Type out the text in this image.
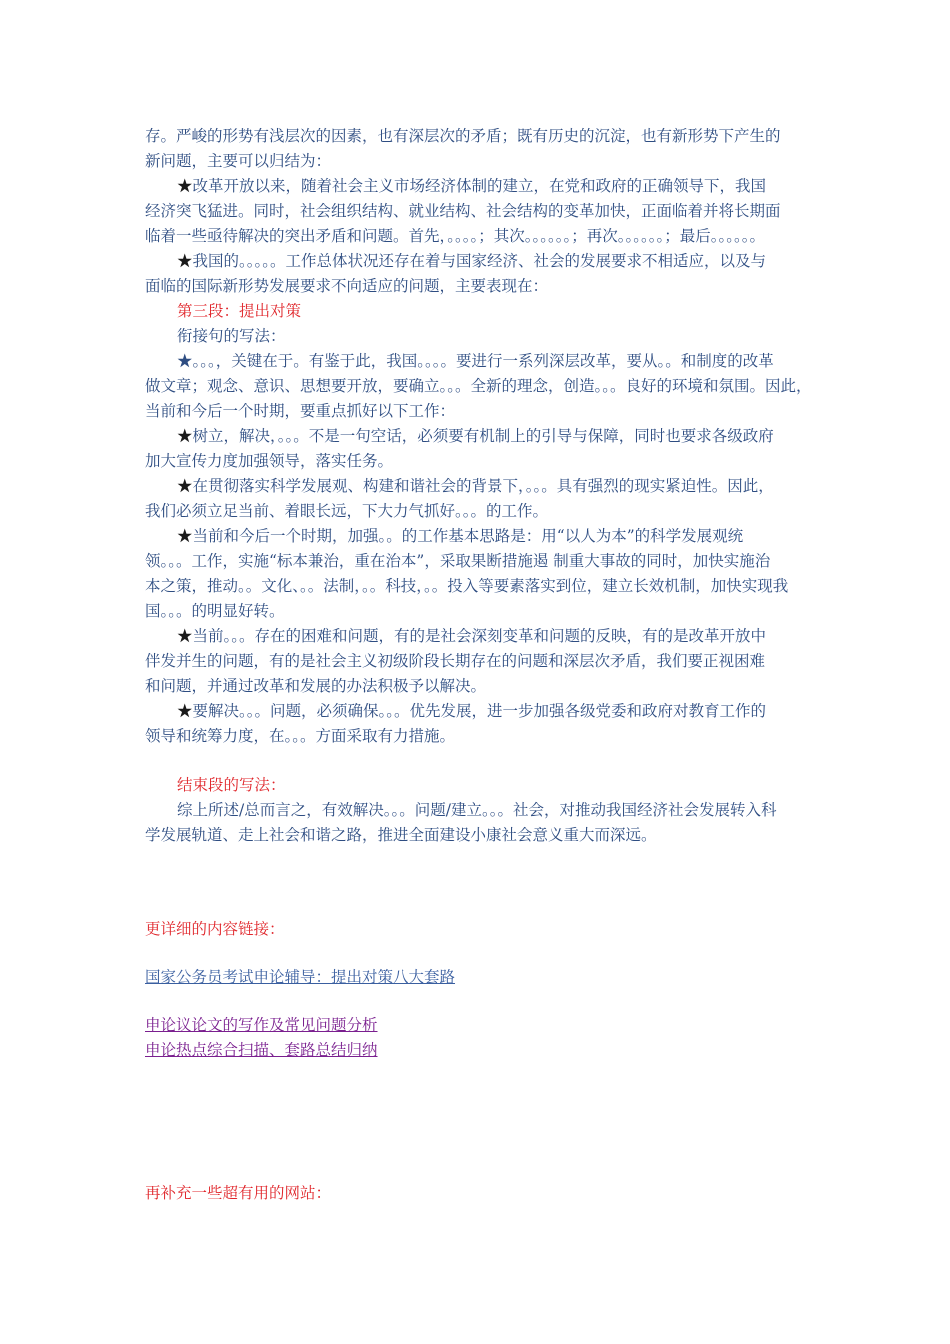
存。严峻的形势有浅层次的因素，也有深层次的矛盾；既有历史的沉淀，也有新形势下产生的
新问题，主要可以归结为：
★改革开放以来，随着社会主义市场经济体制的建立，在党和政府的正确领导下，我国
经济突飞猛进。同时，社会组织结构、就业结构、社会结构的变革加快，正面临着并将长期面
临着一些亟待解决的突出矛盾和问题。首先，。。。。；其次。。。。。。；再次。。。。。。；最后。。。。。。
★我国的。。。。。工作总体状况还存在着与国家经济、社会的发展要求不相适应，以及与
面临的国际新形势发展要求不向适应的问题，主要表现在：
第三段：提出对策
衔接句的写法：
★。。。，关键在于。有鉴于此，我国。。。。要进行一系列深层改革，要从。。和制度的改革
做文章；观念、意识、思想要开放，要确立。。。全新的理念，创造。。。良好的环境和氛围。因此，
当前和今后一个时期，要重点抓好以下工作：
★树立，解决，。。。不是一句空话，必须要有机制上的引导与保障，同时也要求各级政府
加大宣传力度加强领导，落实任务。
★在贯彻落实科学发展观、构建和谐社会的背景下，。。。具有强烈的现实紧迫性。因此，
我们必须立足当前、着眼长远，下大力气抓好。。。的工作。
★当前和今后一个时期，加强。。的工作基本思路是：用“以人为本”的科学发展观统
领。。。工作，实施“标本兼治，重在治本”，采取果断措施遏 制重大事故的同时，加快实施治
本之策，推动。。文化、。。法制，。。科技，。。投入等要素落实到位，建立长效机制，加快实现我
国。。。的明显好转。
★当前。。。存在的困难和问题，有的是社会深刻变革和问题的反映，有的是改革开放中
伴发并生的问题，有的是社会主义初级阶段长期存在的问题和深层次矛盾，我们要正视困难
和问题，并通过改革和发展的办法积极予以解决。
★要解决。。。问题，必须确保。。。优先发展，进一步加强各级党委和政府对教育工作的
领导和统筹力度，在。。。方面采取有力措施。
结束段的写法：
综上所述/总而言之，有效解决。。。问题/建立。。。社会，对推动我国经济社会发展转入科
学发展轨道、走上社会和谐之路，推进全面建设小康社会意义重大而深远。
更详细的内容链接：
国家公务员考试申论辅导：提出对策八大套路
申论议论文的写作及常见问题分析
申论热点综合扫描、套路总结归纳
再补充一些超有用的网站：
